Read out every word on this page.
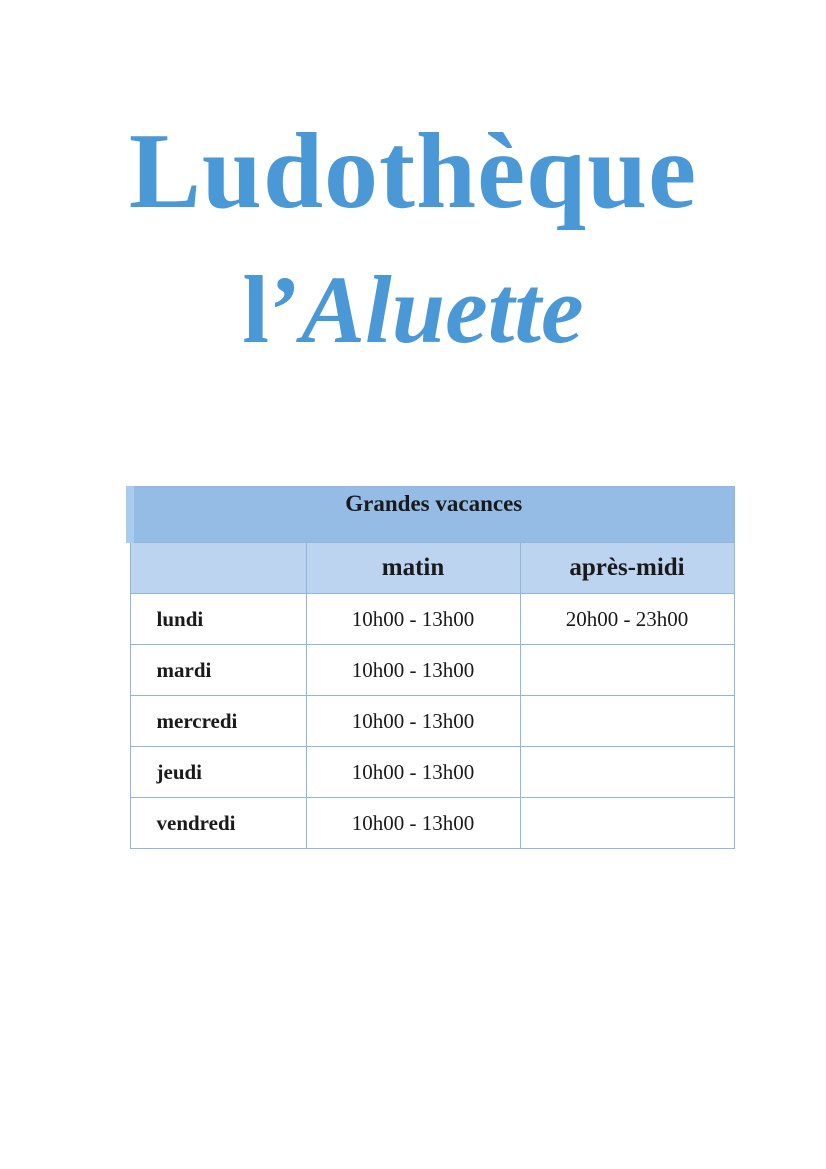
Ludothèque
l’Aluette
Grandes vacances		
	matin	après-midi
lundi	10h00 - 13h00	20h00 - 23h00
mardi	10h00 - 13h00	
mercredi	10h00 - 13h00	
jeudi	10h00 - 13h00	
vendredi	10h00 - 13h00	
